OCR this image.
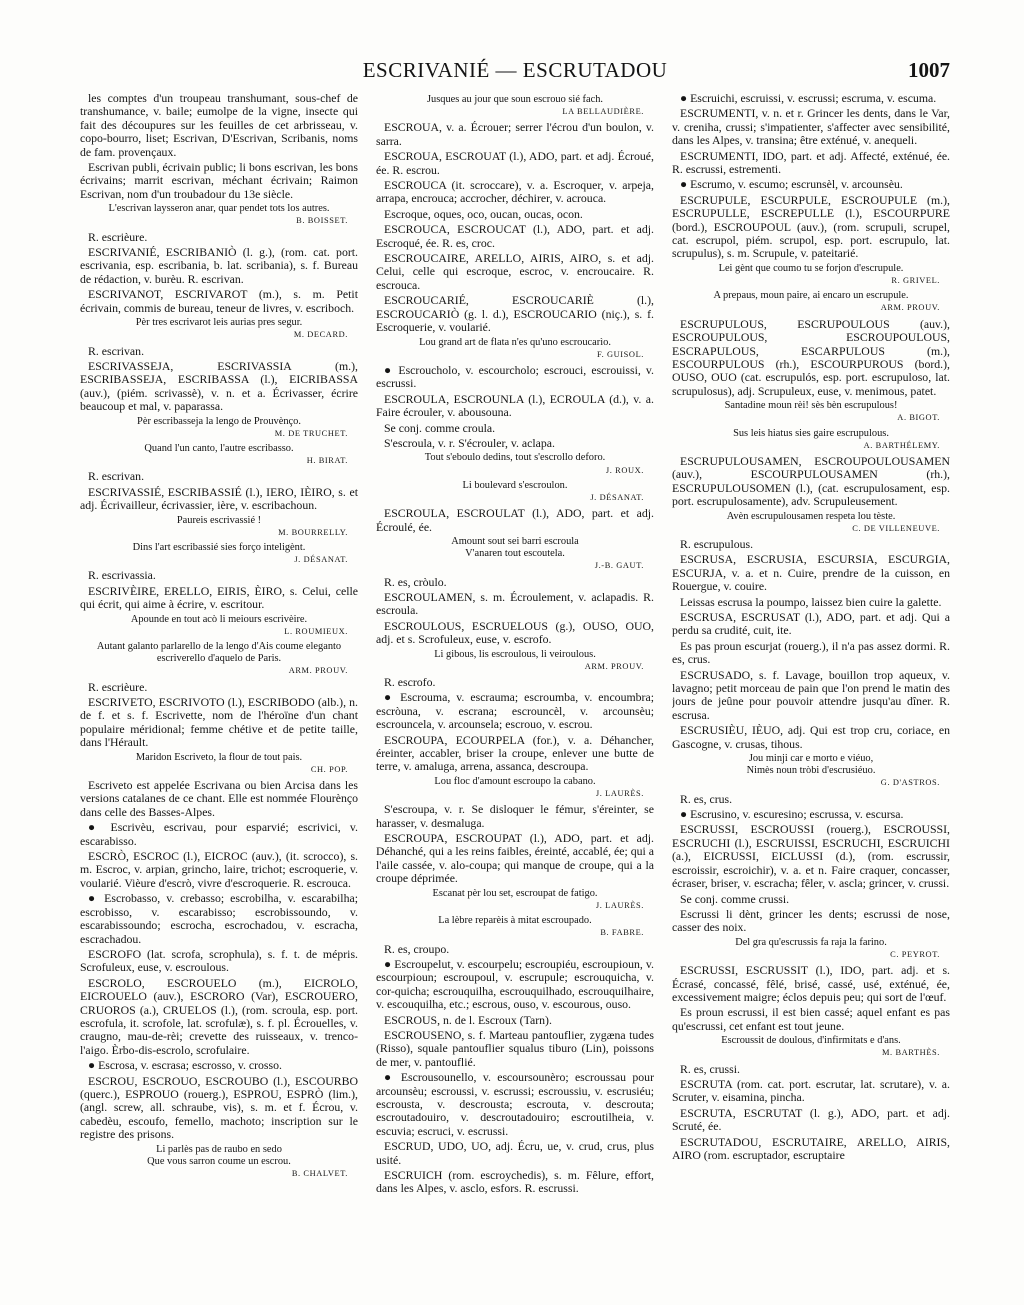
ESCRIVANIÉ — ESCRUTADOU	1007

les comptes d'un troupeau transhumant, sous-chef de transhumance, v. baile; eumolpe de la vigne, insecte qui fait des découpures sur les feuilles de cet arbrisseau, v. copo-bourro, liset; Escrivan, D'Escrivan, Scribanis, noms de fam. provençaux.

Escrivan publi, écrivain public; li bons escrivan, les bons écrivains; marrit escrivan, méchant écrivain; Raimon Escrivan, nom d'un troubadour du 13e siècle.

L'escrivan laysseron anar, quar pendet tots los autres.
B. BOISSET.

R. escrièure.

ESCRIVANIÉ, ESCRIBANIÒ (l. g.), (rom. cat. port. escrivania, esp. escribania, b. lat. scribania), s. f. Bureau de rédaction, v. burèu. R. escrivan.

ESCRIVANOT, ESCRIVAROT (m.), s. m. Petit écrivain, commis de bureau, teneur de livres, v. escriboch.

Pèr tres escrivarot leis aurias pres segur.
M. DECARD.

R. escrivan.

ESCRIVASSEJA, ESCRIVASSIA (m.), ESCRIBASSEJA, ESCRIBASSA (l.), EICRIBASSA (auv.), (piém. scrivassè), v. n. et a. Écrivasser, écrire beaucoup et mal, v. paparassa.

Pèr escribasseja la lengo de Prouvènço.
M. DE TRUCHET.
Quand l'un canto, l'autre escribasso.
H. BIRAT.

R. escrivan.

ESCRIVASSIÉ, ESCRIBASSIÉ (l.), IERO, IÈIRO, s. et adj. Écrivailleur, écrivassier, ière, v. escribachoun.

Paureis escrivassié !
M. BOURRELLY.
Dins l'art escribassié sies forço inteligènt.
J. DÉSANAT.

R. escrivassia.

ESCRIVÈIRE, ERELLO, EIRIS, ÈIRO, s. Celui, celle qui écrit, qui aime à écrire, v. escritour.

Apounde en tout acò li meiours escrivèire.
L. ROUMIEUX.
Autant galanto parlarello de la lengo d'Ais coume eleganto escriverello d'aquelo de Paris.
ARM. PROUV.

R. escrièure.

ESCRIVETO, ESCRIVOTO (l.), ESCRIBODO (alb.), n. de f. et s. f. Escrivette, nom de l'héroïne d'un chant populaire méridional; femme chétive et de petite taille, dans l'Hérault.

Maridon Escriveto, la flour de tout pais.
CH. POP.

Escriveto est appelée Escrivana ou bien Arcisa dans les versions catalanes de ce chant. Elle est nommée Flourènço dans celle des Basses-Alpes.

● Escrivèu, escrivau, pour esparvié; escrivici, v. escarabisso.

ESCRÒ, ESCROC (l.), EICROC (auv.), (it. scrocco), s. m. Escroc, v. arpian, grincho, laire, trichot; escroquerie, v. voularié. Vièure d'escrò, vivre d'escroquerie. R. escrouca.

● Escrobasso, v. crebasso; escrobilha, v. escarabilha; escrobisso, v. escarabisso; escrobissoundo, v. escarabissoundo; escrocha, escrochadou, v. escracha, escrachadou.

ESCROFO (lat. scrofa, scrophula), s. f. t. de mépris. Scrofuleux, euse, v. escroulous.

ESCROLO, ESCROUELO (m.), EICROLO, EICROUELO (auv.), ESCRORO (Var), ESCROUERO, CRUOROS (a.), CRUELOS (l.), (rom. scroula, esp. port. escrofula, it. scrofole, lat. scrofulæ), s. f. pl. Écrouelles, v. craugno, mau-de-rèi; crevette des ruisseaux, v. trenco-l'aigo. Èrbo-dis-escrolo, scrofulaire.

● Escrosa, v. escrasa; escrosso, v. crosso.

ESCROU, ESCROUO, ESCROUBO (l.), ESCOURBO (querc.), ESPROUO (rouerg.), ESPROU, ESPRÒ (lim.), (angl. screw, all. schraube, vis), s. m. et f. Écrou, v. cabedèu, escoufo, femello, machoto; inscription sur le registre des prisons.

Li parlès pas de raubo en sedo
Que vous sarron coume un escrou.
B. CHALVET.
Jusques au jour que soun escrouo sié fach.
LA BELLAUDIÈRE.

ESCROUA, v. a. Écrouer; serrer l'écrou d'un boulon, v. sarra.

ESCROUA, ESCROUAT (l.), ADO, part. et adj. Écroué, ée. R. escrou.

ESCROUCA (it. scroccare), v. a. Escroquer, v. arpeja, arrapa, encrouca; accrocher, déchirer, v. acrouca.

Escroque, oques, oco, oucan, oucas, ocon.

ESCROUCA, ESCROUCAT (l.), ADO, part. et adj. Escroqué, ée. R. es, croc.

ESCROUCAIRE, ARELLO, AIRIS, AIRO, s. et adj. Celui, celle qui escroque, escroc, v. encroucaire. R. escrouca.

ESCROUCARIÉ, ESCROUCARIÈ (l.), ESCROUCARIÒ (g. l. d.), ESCROUCARIO (niç.), s. f. Escroquerie, v. voularié.

Lou grand art de flata n'es qu'uno escroucarìo.
F. GUISOL.

● Escroucholo, v. escourcholo; escrouci, escrouissi, v. escrussi.

ESCROULA, ESCROUNLA (l.), ECROULA (d.), v. a. Faire écrouler, v. abousouna.

Se conj. comme croula.

S'escroula, v. r. S'écrouler, v. aclapa.

Tout s'eboulo dedins, tout s'escrollo deforo.
J. ROUX.
Li boulevard s'escroulon.
J. DÉSANAT.

ESCROULA, ESCROULAT (l.), ADO, part. et adj. Écroulé, ée.

Amount sout sei barri escroula
V'anaren tout escoutela.
J.-B. GAUT.

R. es, cròulo.

ESCROULAMEN, s. m. Écroulement, v. aclapadis. R. escroula.

ESCROULOUS, ESCRUELOUS (g.), OUSO, OUO, adj. et s. Scrofuleux, euse, v. escrofo.

Li gibous, lis escroulous, li veiroulous.
ARM. PROUV.

R. escrofo.

● Escrouma, v. escrauma; escroumba, v. encoumbra; escròuna, v. escrana; escrouncèl, v. arcounsèu; escrouncela, v. arcounsela; escrouo, v. escrou.

ESCROUPA, ECOURPELA (for.), v. a. Déhancher, éreinter, accabler, briser la croupe, enlever une butte de terre, v. amaluga, arrena, assanca, descroupa.

Lou floc d'amount escroupo la cabano.
J. LAURÈS.

S'escroupa, v. r. Se disloquer le fémur, s'éreinter, se harasser, v. desmaluga.

ESCROUPA, ESCROUPAT (l.), ADO, part. et adj. Déhanché, qui a les reins faibles, éreinté, accablé, ée; qui a l'aile cassée, v. alo-coupa; qui manque de croupe, qui a la croupe déprimée.

Escanat pèr lou set, escroupat de fatigo.
J. LAURÈS.
La lèbre reparèis à mitat escroupado.
B. FABRE.

R. es, croupo.

● Escroupelut, v. escourpelu; escroupiéu, escroupioun, v. escourpioun; escroupoul, v. escrupule; escrouquicha, v. cor-quicha; escrouquilha, escrouquilhado, escrouquilhaire, v. escouquilha, etc.; escrous, ouso, v. escourous, ouso.

ESCROUS, n. de l. Escroux (Tarn).

ESCROUSENO, s. f. Marteau pantouflier, zygæna tudes (Risso), squale pantouflier squalus tiburo (Lin), poissons de mer, v. pantouflié.

● Escrousounello, v. escoursounèro; escroussau pour arcounsèu; escroussi, v. escrussi; escroussiu, v. escrusiéu; escrousta, v. descrousta; escrouta, v. descrouta; escroutadouiro, v. descroutadouiro; escroutilheia, v. escuvia; escruci, v. escrussi.

ESCRUD, UDO, UO, adj. Écru, ue, v. crud, crus, plus usité.

ESCRUICH (rom. escroychedis), s. m. Fêlure, effort, dans les Alpes, v. asclo, esfors. R. escrussi.

● Escruichi, escruissi, v. escrussi; escruma, v. escuma.

ESCRUMENTI, v. n. et r. Grincer les dents, dans le Var, v. creniha, crussi; s'impatienter, s'affecter avec sensibilité, dans les Alpes, v. transina; être exténué, v. anequeli.

ESCRUMENTI, IDO, part. et adj. Affecté, exténué, ée. R. escrussi, estrementi.

● Escrumo, v. escumo; escrunsèl, v. arcounsèu.

ESCRUPULE, ESCURPULE, ESCROUPULE (m.), ESCRUPULLE, ESCREPULLE (l.), ESCOURPURE (bord.), ESCROUPOUL (auv.), (rom. scrupuli, scrupel, cat. escrupol, piém. scrupol, esp. port. escrupulo, lat. scrupulus), s. m. Scrupule, v. pateitarié.

Lei gènt que coumo tu se forjon d'escrupule.
R. GRIVEL.
A prepaus, moun paire, ai encaro un escrupule.
ARM. PROUV.

ESCRUPULOUS, ESCRUPOULOUS (auv.), ESCROUPULOUS, ESCROUPOULOUS, ESCRAPULOUS, ESCARPULOUS (m.), ESCOURPULOUS (rh.), ESCOURPUROUS (bord.), OUSO, OUO (cat. escrupulós, esp. port. escrupuloso, lat. scrupulosus), adj. Scrupuleux, euse, v. menimous, patet.

Santadine moun rèi! sès bèn escrupulous!
A. BIGOT.
Sus leis hiatus sies gaire escrupulous.
A. BARTHÉLEMY.

ESCRUPULOUSAMEN, ESCROUPOULOUSAMEN (auv.), ESCOURPULOUSAMEN (rh.), ESCRUPULOUSOMEN (l.), (cat. escrupulosament, esp. port. escrupulosamente), adv. Scrupuleusement.

Avèn escrupulousamen respeta lou tèste.
C. DE VILLENEUVE.

R. escrupulous.

ESCRUSA, ESCRUSIA, ESCURSIA, ESCURGIA, ESCURJA, v. a. et n. Cuire, prendre de la cuisson, en Rouergue, v. couire.

Leissas escrusa la poumpo, laissez bien cuire la galette.

ESCRUSA, ESCRUSAT (l.), ADO, part. et adj. Qui a perdu sa crudité, cuit, ite.

Es pas proun escurjat (rouerg.), il n'a pas assez dormi. R. es, crus.

ESCRUSADO, s. f. Lavage, bouillon trop aqueux, v. lavagno; petit morceau de pain que l'on prend le matin des jours de jeûne pour pouvoir attendre jusqu'au dîner. R. escrusa.

ESCRUSIÈU, IÈUO, adj. Qui est trop cru, coriace, en Gascogne, v. crusas, tihous.

Jou minji car e morto e viéuo,
Nimès noun tròbi d'escrusiéuo.
G. D'ASTROS.

R. es, crus.

● Escrusino, v. escuresino; escrussa, v. escursa.

ESCRUSSI, ESCROUSSI (rouerg.), ESCROUSSI, ESCRUCHI (l.), ESCRUISSI, ESCRUCHI, ESCRUICHI (a.), EICRUSSI, EICLUSSI (d.), (rom. escrussir, escroissir, escroichir), v. a. et n. Faire craquer, concasser, écraser, briser, v. escracha; fêler, v. ascla; grincer, v. crussi.

Se conj. comme crussi.

Escrussi li dènt, grincer les dents; escrussi de nose, casser des noix.

Del gra qu'escrussis fa raja la farino.
C. PEYROT.

ESCRUSSI, ESCRUSSIT (l.), IDO, part. adj. et s. Écrasé, concassé, fêlé, brisé, cassé, usé, exténué, ée, excessivement maigre; éclos depuis peu; qui sort de l'œuf.

Es proun escrussi, il est bien cassé; aquel enfant es pas qu'escrussi, cet enfant est tout jeune.

Escroussit de doulous, d'infirmitats e d'ans.
M. BARTHÈS.

R. es, crussi.

ESCRUTA (rom. cat. port. escrutar, lat. scrutare), v. a. Scruter, v. eisamina, pincha.

ESCRUTA, ESCRUTAT (l. g.), ADO, part. et adj. Scruté, ée.

ESCRUTADOU, ESCRUTAIRE, ARELLO, AIRIS, AIRO (rom. escruptador, escruptaire
